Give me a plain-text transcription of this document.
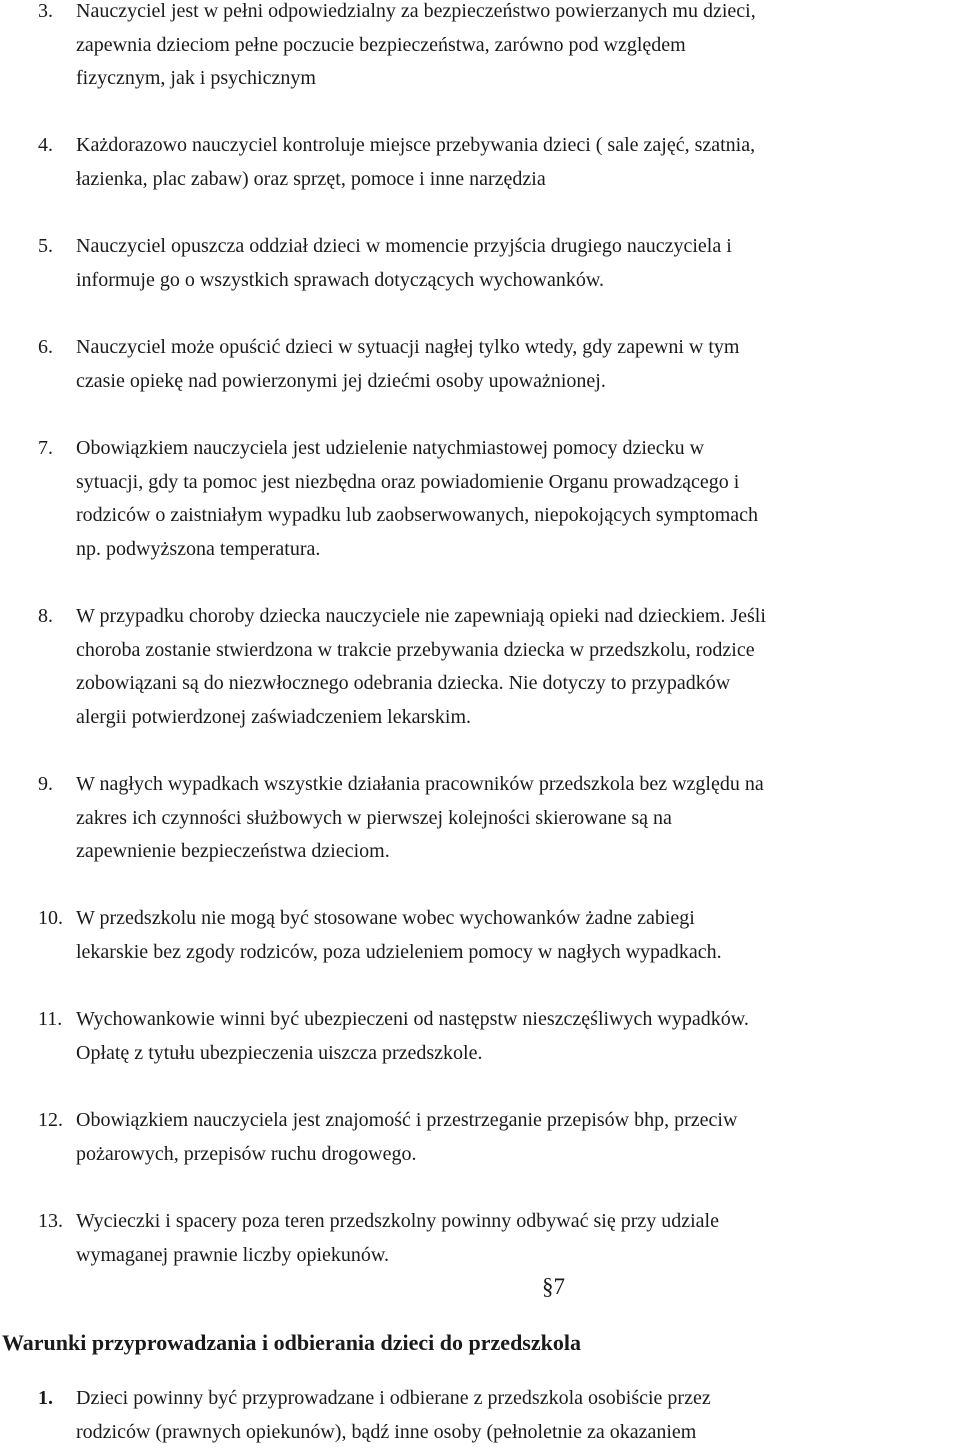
3. Nauczyciel jest w pełni odpowiedzialny za bezpieczeństwo powierzanych mu dzieci,
zapewnia dzieciom pełne poczucie bezpieczeństwa, zarówno pod względem
fizycznym, jak i psychicznym
4. Każdorazowo nauczyciel kontroluje miejsce przebywania dzieci ( sale zajęć, szatnia,
łazienka, plac zabaw) oraz sprzęt, pomoce i inne narzędzia
5. Nauczyciel opuszcza oddział dzieci w momencie przyjścia drugiego nauczyciela i
informuje go o wszystkich sprawach dotyczących wychowanków.
6. Nauczyciel może opuścić dzieci w sytuacji nagłej tylko wtedy, gdy zapewni w tym
czasie opiekę nad powierzonymi jej dziećmi osoby upoważnionej.
7. Obowiązkiem nauczyciela jest udzielenie natychmiastowej pomocy dziecku w
sytuacji, gdy ta pomoc jest niezbędna oraz powiadomienie Organu prowadzącego i
rodziców o zaistniałym wypadku lub zaobserwowanych, niepokojących symptomach
np. podwyższona temperatura.
8. W przypadku choroby dziecka nauczyciele nie zapewniają opieki nad dzieckiem. Jeśli
choroba zostanie stwierdzona w trakcie przebywania dziecka w przedszkolu, rodzice
zobowiązani są do niezwłocznego odebrania dziecka. Nie dotyczy to przypadków
alergii potwierdzonej zaświadczeniem lekarskim.
9. W nagłych wypadkach wszystkie działania pracowników przedszkola bez względu na
zakres ich czynności służbowych w pierwszej kolejności skierowane są na
zapewnienie bezpieczeństwa dzieciom.
10. W przedszkolu nie mogą być stosowane wobec wychowanków żadne zabiegi
lekarskie bez zgody rodziców, poza udzieleniem pomocy w nagłych wypadkach.
11. Wychowankowie winni być ubezpieczeni od następstw nieszczęśliwych wypadków.
Opłatę z tytułu ubezpieczenia uiszcza przedszkole.
12. Obowiązkiem nauczyciela jest znajomość i przestrzeganie przepisów bhp, przeciw
pożarowych, przepisów ruchu drogowego.
13. Wycieczki i spacery poza teren przedszkolny powinny odbywać się przy udziale
wymaganej prawnie liczby opiekunów.
§7
Warunki przyprowadzania i odbierania dzieci do przedszkola
1. Dzieci powinny być przyprowadzane i odbierane z przedszkola osobiście przez
rodziców (prawnych opiekunów), bądź inne osoby (pełnoletnie za okazaniem
